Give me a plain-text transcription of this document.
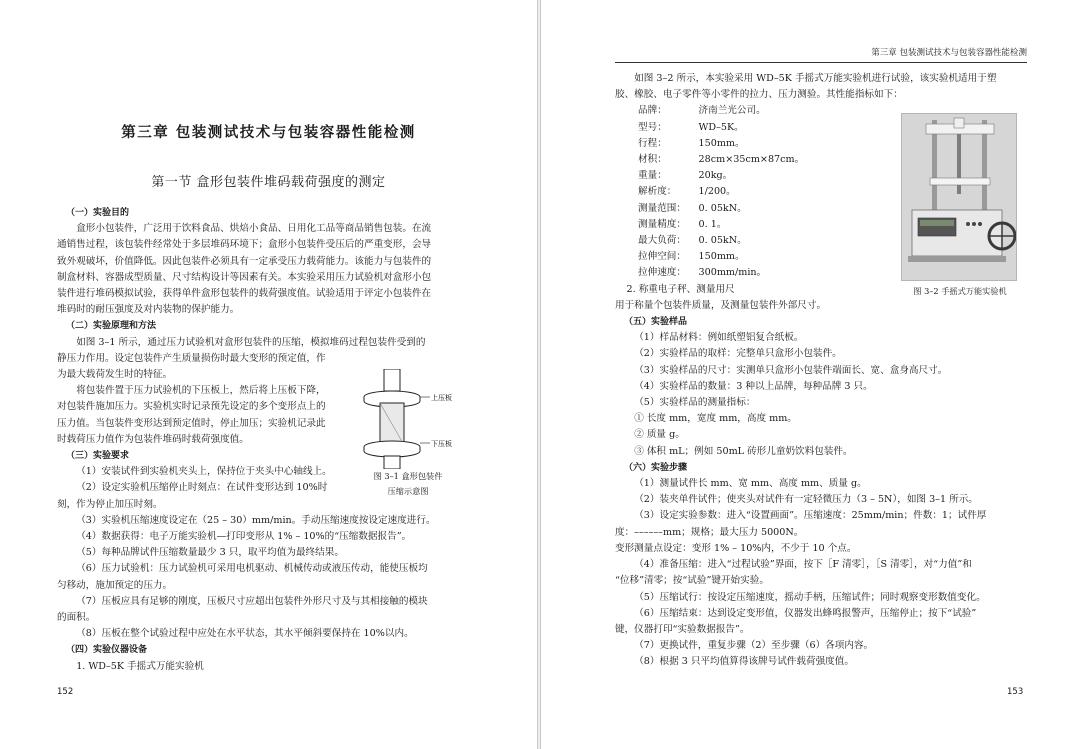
第三章 包装测试技术与包装容器性能检测
第一节 盒形包装件堆码载荷强度的测定

（一）实验目的

盒形小包装件，广泛用于饮料食品、烘焙小食品、日用化工品等商品销售包装。在流

通销售过程，该包装件经常处于多层堆码环境下；盒形小包装件受压后的严重变形，会导

致外观破坏，价值降低。因此包装件必须具有一定承受压力载荷能力。该能力与包装件的

制盒材料、容器成型质量、尺寸结构设计等因素有关。本实验采用压力试验机对盒形小包

装件进行堆码模拟试验，获得单件盒形包装件的载荷强度值。试验适用于评定小包装件在

堆码时的耐压强度及对内装物的保护能力。

（二）实验原理和方法

如图 3–1 所示，通过压力试验机对盒形包装件的压缩，模拟堆码过程包装件受到的

静压力作用。设定包装件产生质量损伤时最大变形的预定值，作

为最大载荷发生时的特征。

将包装件置于压力试验机的下压板上，然后将上压板下降，

对包装件施加压力。实验机实时记录预先设定的多个变形点上的

压力值。当包装件变形达到预定值时，停止加压；实验机记录此

时载荷压力值作为包装件堆码时载荷强度值。

（三）实验要求

（1）安装试件到实验机夹头上，保持位于夹头中心轴线上。

（2）设定实验机压缩停止时刻点：在试件变形达到 10%时

刻，作为停止加压时刻。

（3）实验机压缩速度设定在（25 – 30）mm/min。手动压缩速度按设定速度进行。

（4）数据获得：电子万能实验机—打印变形从 1% – 10%的“压缩数据报告”。

（5）每种品牌试件压缩数量最少 3 只，取平均值为最终结果。

（6）压力试验机：压力试验机可采用电机驱动、机械传动或液压传动，能使压板均

匀移动，施加预定的压力。

（7）压板应具有足够的刚度，压板尺寸应超出包装件外形尺寸及与其相接触的模块

的面积。

（8）压板在整个试验过程中应处在水平状态，其水平倾斜要保持在 10%以内。

（四）实验仪器设备

1. WD–5K 手摇式万能实验机

上压板
下压板
图 3–1 盒形包装件
压缩示意图
152
第三章 包装测试技术与包装容器性能检测

如图 3–2 所示，本实验采用 WD–5K 手摇式万能实验机进行试验，该实验机适用于塑

胶、橡胶、电子零件等小零件的拉力、压力测验。其性能指标如下：

品牌：	济南兰光公司。

型号：	WD–5K。

行程：	150mm。

材积：	28cm×35cm×87cm。

重量：	20kg。

解析度： 1/200。

测量范围： 0. 05kN。

测量精度： 0. 1。

最大负荷： 0. 05kN。

拉伸空间： 150mm。

拉伸速度： 300mm/min。

2. 称重电子秤、测量用尺

用于称量个包装件质量，及测量包装件外部尺寸。

（五）实验样品

（1）样品材料：例如纸塑铝复合纸板。

（2）实验样品的取样：完整单只盒形小包装件。

（3）实验样品的尺寸：实测单只盒形小包装件端面长、宽、盒身高尺寸。

（4）实验样品的数量：3 种以上品牌，每种品牌 3 只。

（5）实验样品的测量指标：

① 长度 mm，宽度 mm，高度 mm。

② 质量 g。

③ 体积 mL；例如 50mL 砖形儿童奶饮料包装件。

（六）实验步骤

（1）测量试件长 mm、宽 mm、高度 mm、质量 g。

（2）装夹单件试件；使夹头对试件有一定轻微压力（3 – 5N），如图 3–1 所示。

（3）设定实验参数：进入“设置画面”。压缩速度：25mm/min；件数：1；试件厚

度：––––––mm；规格；最大压力 5000N。

变形测量点设定：变形 1% – 10%内，不少于 10 个点。

（4）准备压缩：进入“过程试验”界面，按下［F 清零］，［S 清零］，对“力值”和

“位移”清零；按“试验”键开始实验。

（5）压缩试行：按设定压缩速度，摇动手柄，压缩试件；同时观察变形数值变化。

（6）压缩结束：达到设定变形值，仪器发出蜂鸣报警声，压缩停止；按下“试验”

键，仪器打印“实验数据报告”。

（7）更换试件，重复步骤（2）至步骤（6）各项内容。

（8）根据 3 只平均值算得该牌号试件载荷强度值。

图 3–2 手摇式万能实验机
153
